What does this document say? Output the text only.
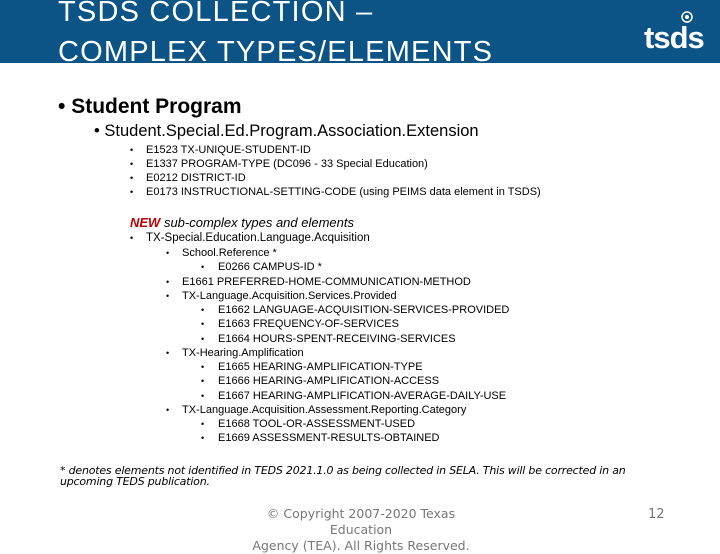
TSDS COLLECTION –
COMPLEX TYPES/ELEMENTS	tsds
• Student Program
• Student.Special.Ed.Program.Association.Extension
• E1523 TX-UNIQUE-STUDENT-ID
• E1337 PROGRAM-TYPE (DC096 - 33 Special Education)
• E0212 DISTRICT-ID
• E0173 INSTRUCTIONAL-SETTING-CODE (using PEIMS data element in TSDS)
NEW sub-complex types and elements
• TX-Special.Education.Language.Acquisition
• School.Reference *
• E0266 CAMPUS-ID *
• E1661 PREFERRED-HOME-COMMUNICATION-METHOD
• TX-Language.Acquisition.Services.Provided
• E1662 LANGUAGE-ACQUISITION-SERVICES-PROVIDED
• E1663 FREQUENCY-OF-SERVICES
• E1664 HOURS-SPENT-RECEIVING-SERVICES
• TX-Hearing.Amplification
• E1665 HEARING-AMPLIFICATION-TYPE
• E1666 HEARING-AMPLIFICATION-ACCESS
• E1667 HEARING-AMPLIFICATION-AVERAGE-DAILY-USE
• TX-Language.Acquisition.Assessment.Reporting.Category
• E1668 TOOL-OR-ASSESSMENT-USED
• E1669 ASSESSMENT-RESULTS-OBTAINED
* denotes elements not identified in TEDS 2021.1.0 as being collected in SELA. This will be corrected in an
upcoming TEDS publication.
© Copyright 2007-2020 Texas Education
Agency (TEA). All Rights Reserved.
12
